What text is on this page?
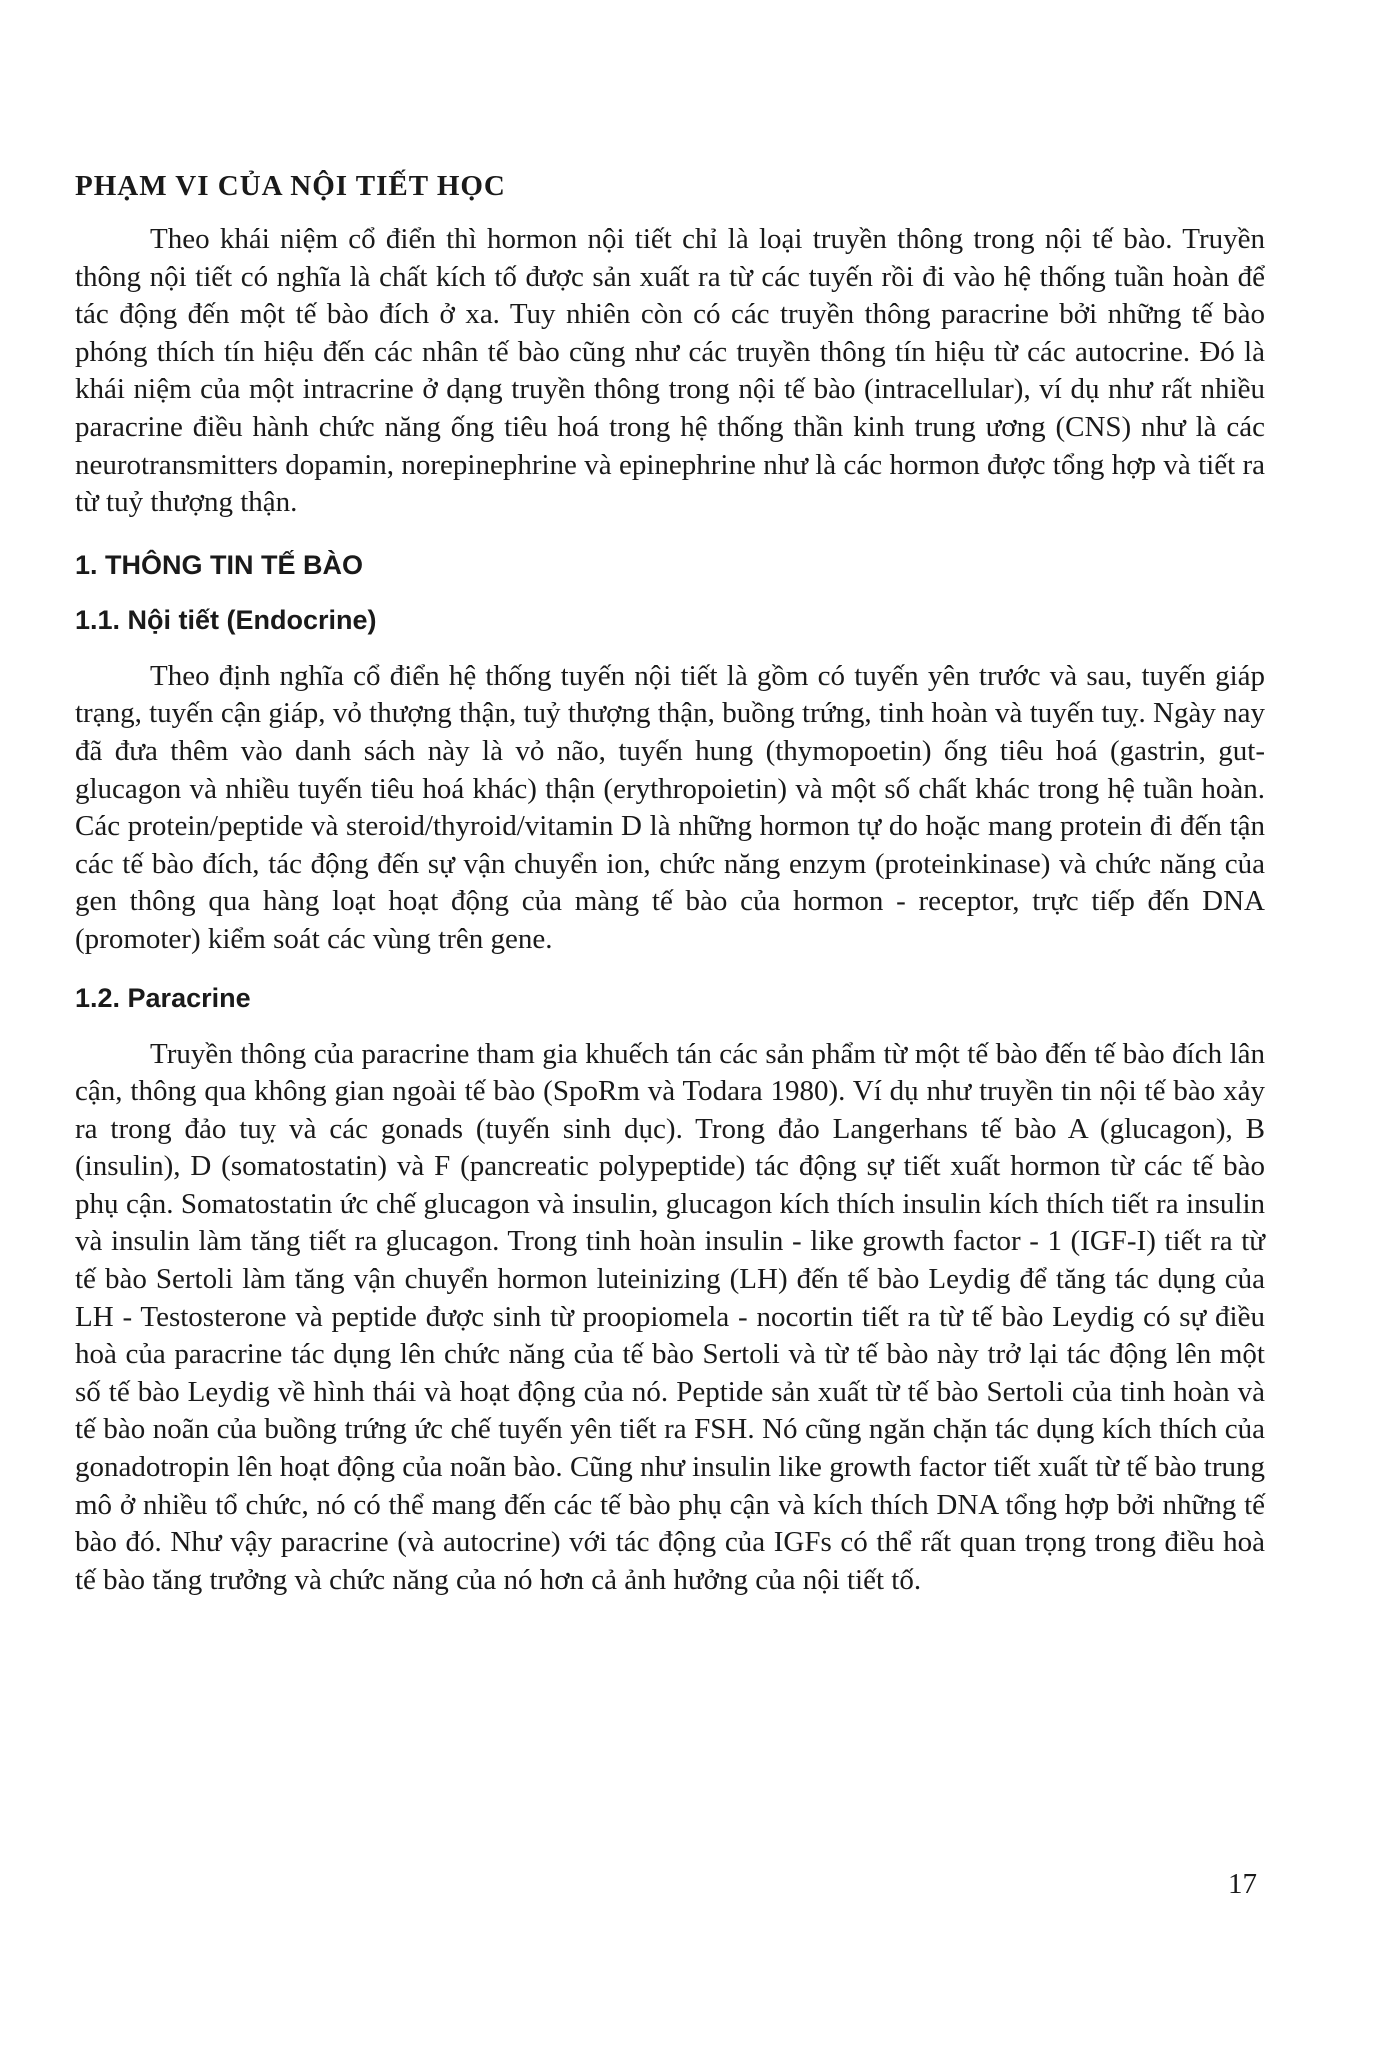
PHẠM VI CỦA NỘI TIẾT HỌC

Theo khái niệm cổ điển thì hormon nội tiết chỉ là loại truyền thông trong nội tế bào. Truyền thông nội tiết có nghĩa là chất kích tố được sản xuất ra từ các tuyến rồi đi vào hệ thống tuần hoàn để tác động đến một tế bào đích ở xa. Tuy nhiên còn có các truyền thông paracrine bởi những tế bào phóng thích tín hiệu đến các nhân tế bào cũng như các truyền thông tín hiệu từ các autocrine. Đó là khái niệm của một intracrine ở dạng truyền thông trong nội tế bào (intracellular), ví dụ như rất nhiều paracrine điều hành chức năng ống tiêu hoá trong hệ thống thần kinh trung ương (CNS) như là các neurotransmitters dopamin, norepinephrine và epinephrine như là các hormon được tổng hợp và tiết ra từ tuỷ thượng thận.

1. THÔNG TIN TẾ BÀO
1.1. Nội tiết (Endocrine)

Theo định nghĩa cổ điển hệ thống tuyến nội tiết là gồm có tuyến yên trước và sau, tuyến giáp trạng, tuyến cận giáp, vỏ thượng thận, tuỷ thượng thận, buồng trứng, tinh hoàn và tuyến tuỵ. Ngày nay đã đưa thêm vào danh sách này là vỏ não, tuyến hung (thymopoetin) ống tiêu hoá (gastrin, gut-glucagon và nhiều tuyến tiêu hoá khác) thận (erythropoietin) và một số chất khác trong hệ tuần hoàn. Các protein/peptide và steroid/thyroid/vitamin D là những hormon tự do hoặc mang protein đi đến tận các tế bào đích, tác động đến sự vận chuyển ion, chức năng enzym (proteinkinase) và chức năng của gen thông qua hàng loạt hoạt động của màng tế bào của hormon - receptor, trực tiếp đến DNA (promoter) kiểm soát các vùng trên gene.

1.2. Paracrine

Truyền thông của paracrine tham gia khuếch tán các sản phẩm từ một tế bào đến tế bào đích lân cận, thông qua không gian ngoài tế bào (SpoRm và Todara 1980). Ví dụ như truyền tin nội tế bào xảy ra trong đảo tuỵ và các gonads (tuyến sinh dục). Trong đảo Langerhans tế bào A (glucagon), B (insulin), D (somatostatin) và F (pancreatic polypeptide) tác động sự tiết xuất hormon từ các tế bào phụ cận. Somatostatin ức chế glucagon và insulin, glucagon kích thích insulin kích thích tiết ra insulin và insulin làm tăng tiết ra glucagon. Trong tinh hoàn insulin - like growth factor - 1 (IGF-I) tiết ra từ tế bào Sertoli làm tăng vận chuyển hormon luteinizing (LH) đến tế bào Leydig để tăng tác dụng của LH - Testosterone và peptide được sinh từ proopiomela - nocortin tiết ra từ tế bào Leydig có sự điều hoà của paracrine tác dụng lên chức năng của tế bào Sertoli và từ tế bào này trở lại tác động lên một số tế bào Leydig về hình thái và hoạt động của nó. Peptide sản xuất từ tế bào Sertoli của tinh hoàn và tế bào noãn của buồng trứng ức chế tuyến yên tiết ra FSH. Nó cũng ngăn chặn tác dụng kích thích của gonadotropin lên hoạt động của noãn bào. Cũng như insulin like growth factor tiết xuất từ tế bào trung mô ở nhiều tổ chức, nó có thể mang đến các tế bào phụ cận và kích thích DNA tổng hợp bởi những tế bào đó. Như vậy paracrine (và autocrine) với tác động của IGFs có thể rất quan trọng trong điều hoà tế bào tăng trưởng và chức năng của nó hơn cả ảnh hưởng của nội tiết tố.

17
